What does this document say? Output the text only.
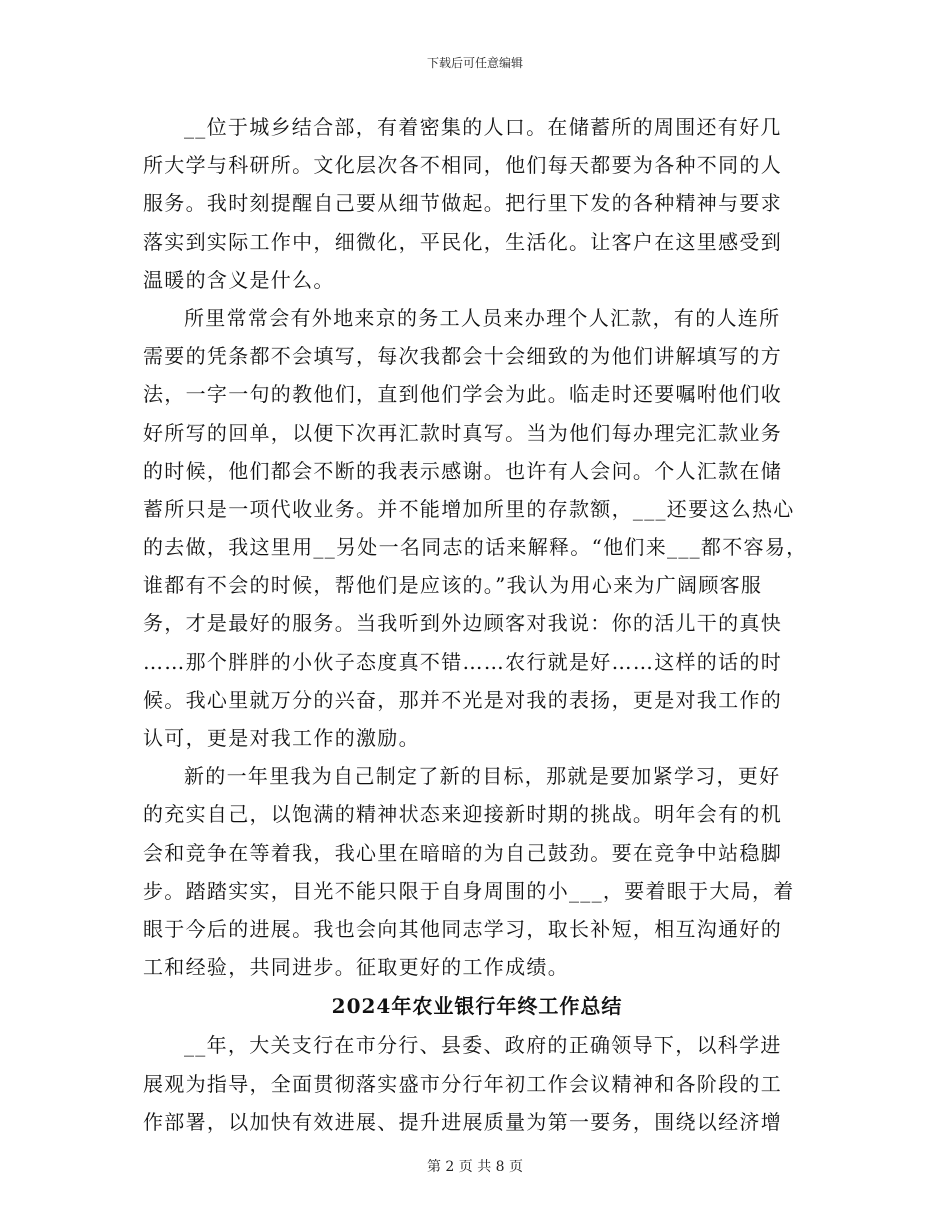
下载后可任意编辑
__位于城乡结合部，有着密集的人口。在储蓄所的周围还有好几
所大学与科研所。文化层次各不相同，他们每天都要为各种不同的人
服务。我时刻提醒自己要从细节做起。把行里下发的各种精神与要求
落实到实际工作中，细微化，平民化，生活化。让客户在这里感受到
温暖的含义是什么。
所里常常会有外地来京的务工人员来办理个人汇款，有的人连所
需要的凭条都不会填写，每次我都会十会细致的为他们讲解填写的方
法，一字一句的教他们，直到他们学会为此。临走时还要嘱咐他们收
好所写的回单，以便下次再汇款时真写。当为他们每办理完汇款业务
的时候，他们都会不断的我表示感谢。也许有人会问。个人汇款在储
蓄所只是一项代收业务。并不能增加所里的存款额，___还要这么热心
的去做，我这里用__另处一名同志的话来解释。“他们来___都不容易，
谁都有不会的时候，帮他们是应该的。”我认为用心来为广阔顾客服
务，才是最好的服务。当我听到外边顾客对我说：你的活儿干的真快
……那个胖胖的小伙子态度真不错……农行就是好……这样的话的时
候。我心里就万分的兴奋，那并不光是对我的表扬，更是对我工作的
认可，更是对我工作的激励。
新的一年里我为自己制定了新的目标，那就是要加紧学习，更好
的充实自己，以饱满的精神状态来迎接新时期的挑战。明年会有的机
会和竞争在等着我，我心里在暗暗的为自己鼓劲。要在竞争中站稳脚
步。踏踏实实，目光不能只限于自身周围的小___，要着眼于大局，着
眼于今后的进展。我也会向其他同志学习，取长补短，相互沟通好的
工和经验，共同进步。征取更好的工作成绩。
2024年农业银行年终工作总结
__年，大关支行在市分行、县委、政府的正确领导下，以科学进
展观为指导，全面贯彻落实盛市分行年初工作会议精神和各阶段的工
作部署，以加快有效进展、提升进展质量为第一要务，围绕以经济增
第 2 页 共 8 页
